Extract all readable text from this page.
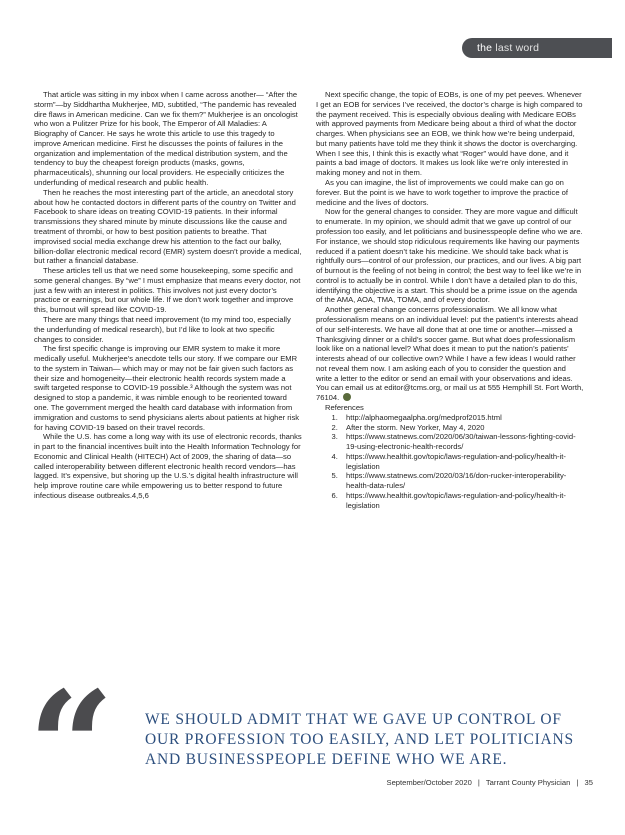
the last word

That article was sitting in my inbox when I came across another— “After the storm”—by Siddhartha Mukherjee, MD, subtitled, “The pandemic has revealed dire flaws in American medicine. Can we fix them?” Mukherjee is an oncologist who won a Pulitzer Prize for his book, The Emperor of All Maladies: A Biography of Cancer. He says he wrote this article to use this tragedy to improve American medicine. First he discusses the points of failures in the organization and implementation of the medical distribution system, and the tendency to buy the cheapest foreign products (masks, gowns, pharmaceuticals), shunning our local providers. He especially criticizes the underfunding of medical research and public health.

Then he reaches the most interesting part of the article, an anecdotal story about how he contacted doctors in different parts of the country on Twitter and Facebook to share ideas on treating COVID-19 patients. In their informal transmissions they shared minute by minute discussions like the cause and treatment of thrombi, or how to best position patients to breathe. That improvised social media exchange drew his attention to the fact our balky, billion-dollar electronic medical record (EMR) system doesn’t provide a medical, but rather a financial database.

These articles tell us that we need some housekeeping, some specific and some general changes. By “we” I must emphasize that means every doctor, not just a few with an interest in politics. This involves not just every doctor’s practice or earnings, but our whole life. If we don’t work together and improve this, burnout will spread like COVID-19.

There are many things that need improvement (to my mind too, especially the underfunding of medical research), but I’d like to look at two specific changes to consider.

The first specific change is improving our EMR system to make it more medically useful. Mukherjee’s anecdote tells our story. If we compare our EMR to the system in Taiwan— which may or may not be fair given such factors as their size and homogeneity—their electronic health records system made a swift targeted response to COVID-19 possible.³ Although the system was not designed to stop a pandemic, it was nimble enough to be reoriented toward one. The government merged the health card database with information from immigration and customs to send physicians alerts about patients at higher risk for having COVID-19 based on their travel records.

While the U.S. has come a long way with its use of electronic records, thanks in part to the financial incentives built into the Health Information Technology for Economic and Clinical Health (HITECH) Act of 2009, the sharing of data—so called interoperability between different electronic health record vendors—has lagged. It’s expensive, but shoring up the U.S.’s digital health infrastructure will help improve routine care while empowering us to better respond to future infectious disease outbreaks.4,5,6

Next specific change, the topic of EOBs, is one of my pet peeves. Whenever I get an EOB for services I’ve received, the doctor’s charge is high compared to the payment received. This is especially obvious dealing with Medicare EOBs with approved payments from Medicare being about a third of what the doctor charges. When physicians see an EOB, we think how we’re being underpaid, but many patients have told me they think it shows the doctor is overcharging. When I see this, I think this is exactly what “Roger” would have done, and it paints a bad image of doctors. It makes us look like we’re only interested in making money and not in them.

As you can imagine, the list of improvements we could make can go on forever. But the point is we have to work together to improve the practice of medicine and the lives of doctors.

Now for the general changes to consider. They are more vague and difficult to enumerate. In my opinion, we should admit that we gave up control of our profession too easily, and let politicians and businesspeople define who we are. For instance, we should stop ridiculous requirements like having our payments reduced if a patient doesn’t take his medicine. We should take back what is rightfully ours—control of our profession, our practices, and our lives. A big part of burnout is the feeling of not being in control; the best way to feel like we’re in control is to actually be in control. While I don’t have a detailed plan to do this, identifying the objective is a start. This should be a prime issue on the agenda of the AMA, AOA, TMA, TOMA, and of every doctor.

Another general change concerns professionalism. We all know what professionalism means on an individual level: put the patient’s interests ahead of our self-interests. We have all done that at one time or another—missed a Thanksgiving dinner or a child’s soccer game. But what does professionalism look like on a national level? What does it mean to put the nation’s patients’ interests ahead of our collective own? While I have a few ideas I would rather not reveal them now. I am asking each of you to consider the question and write a letter to the editor or send an email with your observations and ideas. You can email us at editor@tcms.org, or mail us at 555 Hemphill St. Fort Worth, 76104.

References

1. http://alphaomegaalpha.org/medprof2015.html
2. After the storm. New Yorker, May 4, 2020
3. https://www.statnews.com/2020/06/30/taiwan-lessons-fighting-covid-19-using-electronic-health-records/
4. https://www.healthit.gov/topic/laws-regulation-and-policy/health-it-legislation
5. https://www.statnews.com/2020/03/16/don-rucker-interoperability-health-data-rules/
6. https://www.healthit.gov/topic/laws-regulation-and-policy/health-it-legislation
“ WE SHOULD ADMIT THAT WE GAVE UP CONTROL OF OUR PROFESSION TOO EASILY, AND LET POLITICIANS AND BUSINESSPEOPLE DEFINE WHO WE ARE.
September/October 2020 | Tarrant County Physician | 35
